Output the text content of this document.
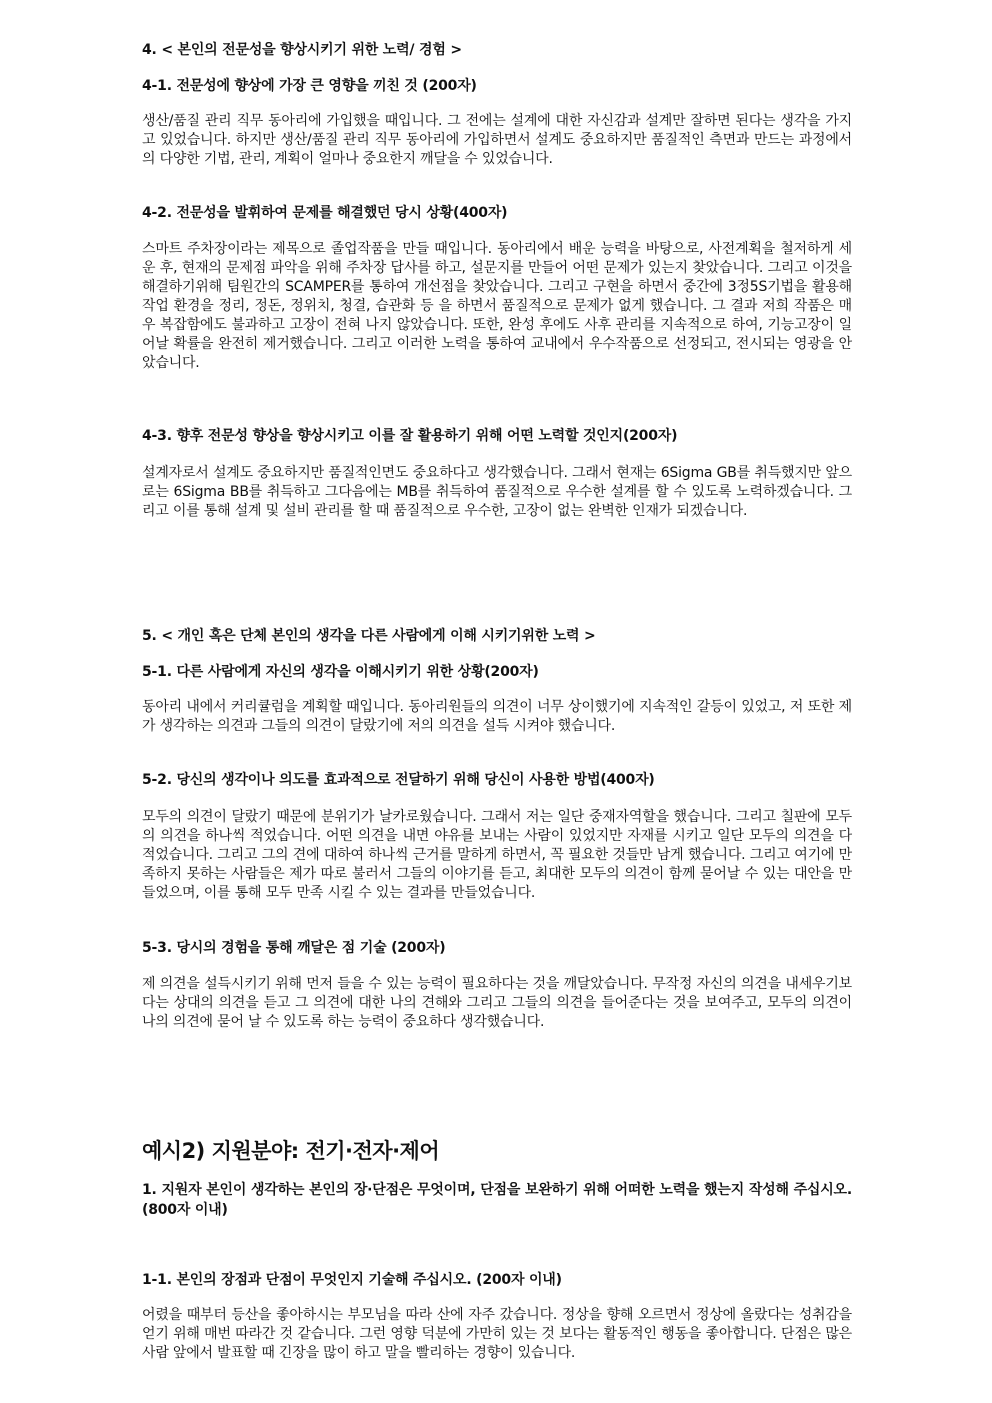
4. < 본인의 전문성을 향상시키기 위한 노력/ 경험 >
4-1. 전문성에 향상에 가장 큰 영향을 끼친 것 (200자)

생산/품질 관리 직무 동아리에 가입했을 때입니다. 그 전에는 설계에 대한 자신감과 설계만 잘하면 된다는 생각을 가지고 있었습니다. 하지만 생산/품질 관리 직무 동아리에 가입하면서 설계도 중요하지만 품질적인 측면과 만드는 과정에서의 다양한 기법, 관리, 계획이 얼마나 중요한지 깨달을 수 있었습니다.

4-2. 전문성을 발휘하여 문제를 해결했던 당시 상황(400자)

스마트 주차장이라는 제목으로 졸업작품을 만들 때입니다. 동아리에서 배운 능력을 바탕으로, 사전계획을 철저하게 세운 후, 현재의 문제점 파악을 위해 주차장 답사를 하고, 설문지를 만들어 어떤 문제가 있는지 찾았습니다. 그리고 이것을 해결하기위해 팀원간의 SCAMPER를 통하여 개선점을 찾았습니다. 그리고 구현을 하면서 중간에 3정5S기법을 활용해 작업 환경을 정리, 정돈, 정위치, 청결, 습관화 등 을 하면서 품질적으로 문제가 없게 했습니다. 그 결과 저희 작품은 매우 복잡함에도 불과하고 고장이 전혀 나지 않았습니다. 또한, 완성 후에도 사후 관리를 지속적으로 하여, 기능고장이 일어날 확률을 완전히 제거했습니다. 그리고 이러한 노력을 통하여 교내에서 우수작품으로 선정되고, 전시되는 영광을 안았습니다.

4-3. 향후 전문성 향상을 향상시키고 이를 잘 활용하기 위해 어떤 노력할 것인지(200자)

설계자로서 설계도 중요하지만 품질적인면도 중요하다고 생각했습니다. 그래서 현재는 6Sigma GB를 취득했지만 앞으로는 6Sigma BB를 취득하고 그다음에는 MB를 취득하여 품질적으로 우수한 설계를 할 수 있도록 노력하겠습니다. 그리고 이를 통해 설계 및 설비 관리를 할 때 품질적으로 우수한, 고장이 없는 완벽한 인재가 되겠습니다.

5. < 개인 혹은 단체 본인의 생각을 다른 사람에게 이해 시키기위한 노력 >
5-1. 다른 사람에게 자신의 생각을 이해시키기 위한 상황(200자)

동아리 내에서 커리큘럼을 계획할 때입니다. 동아리원들의 의견이 너무 상이했기에 지속적인 갈등이 있었고, 저 또한 제가 생각하는 의견과 그들의 의견이 달랐기에 저의 의견을 설득 시켜야 했습니다.

5-2. 당신의 생각이나 의도를 효과적으로 전달하기 위해 당신이 사용한 방법(400자)

모두의 의견이 달랐기 때문에 분위기가 날카로웠습니다. 그래서 저는 일단 중재자역할을 했습니다. 그리고 칠판에 모두의 의견을 하나씩 적었습니다. 어떤 의견을 내면 야유를 보내는 사람이 있었지만 자재를 시키고 일단 모두의 의견을 다 적었습니다. 그리고 그의 견에 대하여 하나씩 근거를 말하게 하면서, 꼭 필요한 것들만 남게 했습니다. 그리고 여기에 만족하지 못하는 사람들은 제가 따로 불러서 그들의 이야기를 듣고, 최대한 모두의 의견이 함께 묻어날 수 있는 대안을 만들었으며, 이를 통해 모두 만족 시킬 수 있는 결과를 만들었습니다.

5-3. 당시의 경험을 통해 깨달은 점 기술 (200자)

제 의견을 설득시키기 위해 먼저 들을 수 있는 능력이 필요하다는 것을 깨달았습니다. 무작정 자신의 의견을 내세우기보다는 상대의 의견을 듣고 그 의견에 대한 나의 견해와 그리고 그들의 의견을 들어준다는 것을 보여주고, 모두의 의견이 나의 의견에 묻어 날 수 있도록 하는 능력이 중요하다 생각했습니다.

예시2) 지원분야: 전기·전자·제어
1. 지원자 본인이 생각하는 본인의 장·단점은 무엇이며, 단점을 보완하기 위해 어떠한 노력을 했는지 작성해 주십시오.(800자 이내)
1-1. 본인의 장점과 단점이 무엇인지 기술해 주십시오. (200자 이내)

어렸을 때부터 등산을 좋아하시는 부모님을 따라 산에 자주 갔습니다. 정상을 향해 오르면서 정상에 올랐다는 성취감을 얻기 위해 매번 따라간 것 같습니다. 그런 영향 덕분에 가만히 있는 것 보다는 활동적인 행동을 좋아합니다. 단점은 많은 사람 앞에서 발표할 때 긴장을 많이 하고 말을 빨리하는 경향이 있습니다.
